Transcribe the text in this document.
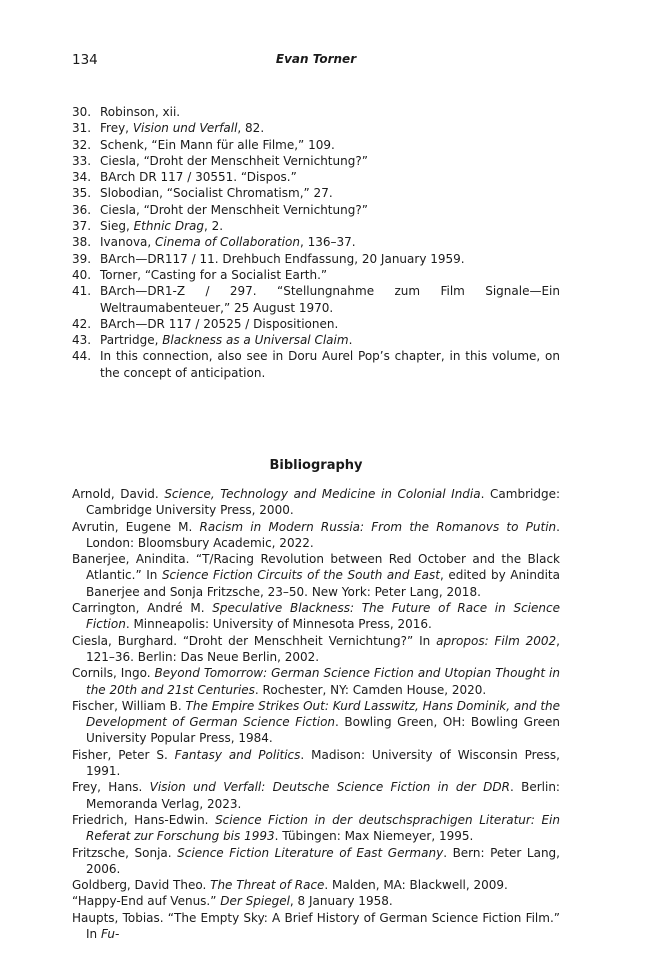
134	Evan Torner
30. Robinson, xii.
31. Frey, Vision und Verfall, 82.
32. Schenk, “Ein Mann für alle Filme,” 109.
33. Ciesla, “Droht der Menschheit Vernichtung?”
34. BArch DR 117 / 30551. “Dispos.”
35. Slobodian, “Socialist Chromatism,” 27.
36. Ciesla, “Droht der Menschheit Vernichtung?”
37. Sieg, Ethnic Drag, 2.
38. Ivanova, Cinema of Collaboration, 136–37.
39. BArch—DR117 / 11. Drehbuch Endfassung, 20 January 1959.
40. Torner, “Casting for a Socialist Earth.”
41. BArch—DR1-Z / 297. “Stellungnahme zum Film Signale—Ein Weltraumabenteuer,” 25 August 1970.
42. BArch—DR 117 / 20525 / Dispositionen.
43. Partridge, Blackness as a Universal Claim.
44. In this connection, also see in Doru Aurel Pop’s chapter, in this volume, on the concept of anticipation.
Bibliography
Arnold, David. Science, Technology and Medicine in Colonial India. Cambridge: Cambridge University Press, 2000.
Avrutin, Eugene M. Racism in Modern Russia: From the Romanovs to Putin. London: Bloomsbury Academic, 2022.
Banerjee, Anindita. “T/Racing Revolution between Red October and the Black Atlantic.” In Science Fiction Circuits of the South and East, edited by Anindita Banerjee and Sonja Fritzsche, 23–50. New York: Peter Lang, 2018.
Carrington, André M. Speculative Blackness: The Future of Race in Science Fiction. Minneapolis: University of Minnesota Press, 2016.
Ciesla, Burghard. “Droht der Menschheit Vernichtung?” In apropos: Film 2002, 121–36. Berlin: Das Neue Berlin, 2002.
Cornils, Ingo. Beyond Tomorrow: German Science Fiction and Utopian Thought in the 20th and 21st Centuries. Rochester, NY: Camden House, 2020.
Fischer, William B. The Empire Strikes Out: Kurd Lasswitz, Hans Dominik, and the Development of German Science Fiction. Bowling Green, OH: Bowling Green University Popular Press, 1984.
Fisher, Peter S. Fantasy and Politics. Madison: University of Wisconsin Press, 1991.
Frey, Hans. Vision und Verfall: Deutsche Science Fiction in der DDR. Berlin: Memoranda Verlag, 2023.
Friedrich, Hans-Edwin. Science Fiction in der deutschsprachigen Literatur: Ein Referat zur Forschung bis 1993. Tübingen: Max Niemeyer, 1995.
Fritzsche, Sonja. Science Fiction Literature of East Germany. Bern: Peter Lang, 2006.
Goldberg, David Theo. The Threat of Race. Malden, MA: Blackwell, 2009.
“Happy-End auf Venus.” Der Spiegel, 8 January 1958.
Haupts, Tobias. “The Empty Sky: A Brief History of German Science Fiction Film.” In Fu-
